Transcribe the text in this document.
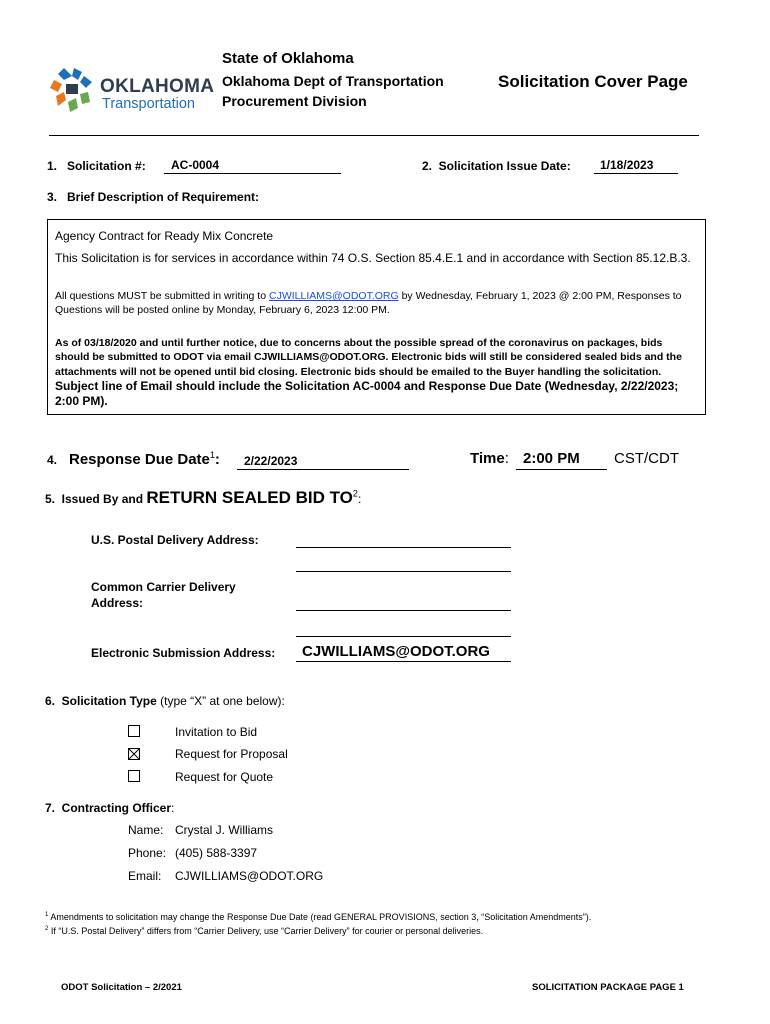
OKLAHOMA
Transportation
State of Oklahoma
Oklahoma Dept of Transportation
Procurement Division
Solicitation Cover Page
1.   Solicitation #:	AC-0004	2.  Solicitation Issue Date:	1/18/2023
3.   Brief Description of Requirement:

Agency Contract for Ready Mix Concrete

This Solicitation is for services in accordance within 74 O.S. Section 85.4.E.1 and in accordance with Section 85.12.B.3.

All questions MUST be submitted in writing to CJWILLIAMS@ODOT.ORG by Wednesday, February 1, 2023 @ 2:00 PM, Responses to Questions will be posted online by Monday, February 6, 2023 12:00 PM.

As of 03/18/2020 and until further notice, due to concerns about the possible spread of the coronavirus on packages, bids should be submitted to ODOT via email CJWILLIAMS@ODOT.ORG. Electronic bids will still be considered sealed bids and the attachments will not be opened until bid closing. Electronic bids should be emailed to the Buyer handling the solicitation. Subject line of Email should include the Solicitation AC-0004 and Response Due Date (Wednesday, 2/22/2023; 2:00 PM).

4. Response Due Date$^1$:	2/22/2023	Time: 2:00 PM	CST/CDT
5.  Issued By and RETURN SEALED BID $TO^2$:
U.S. Postal Delivery Address:
Common Carrier Delivery
Address:
Electronic Submission Address:	CJWILLIAMS@ODOT.ORG
6.  Solicitation Type (type “X” at one below):
Invitation to Bid
Request for Proposal
Request for Quote
7.  Contracting Officer:
Name: Crystal J. Williams
Phone: (405) 588-3397
Email: CJWILLIAMS@ODOT.ORG
$^1$ Amendments to solicitation may change the Response Due Date (read GENERAL PROVISIONS, section 3, “Solicitation Amendments”).
$^2$ If “U.S. Postal Delivery” differs from “Carrier Delivery, use “Carrier Delivery” for courier or personal deliveries.
ODOT Solicitation – 2/2021	SOLICITATION PACKAGE PAGE 1
